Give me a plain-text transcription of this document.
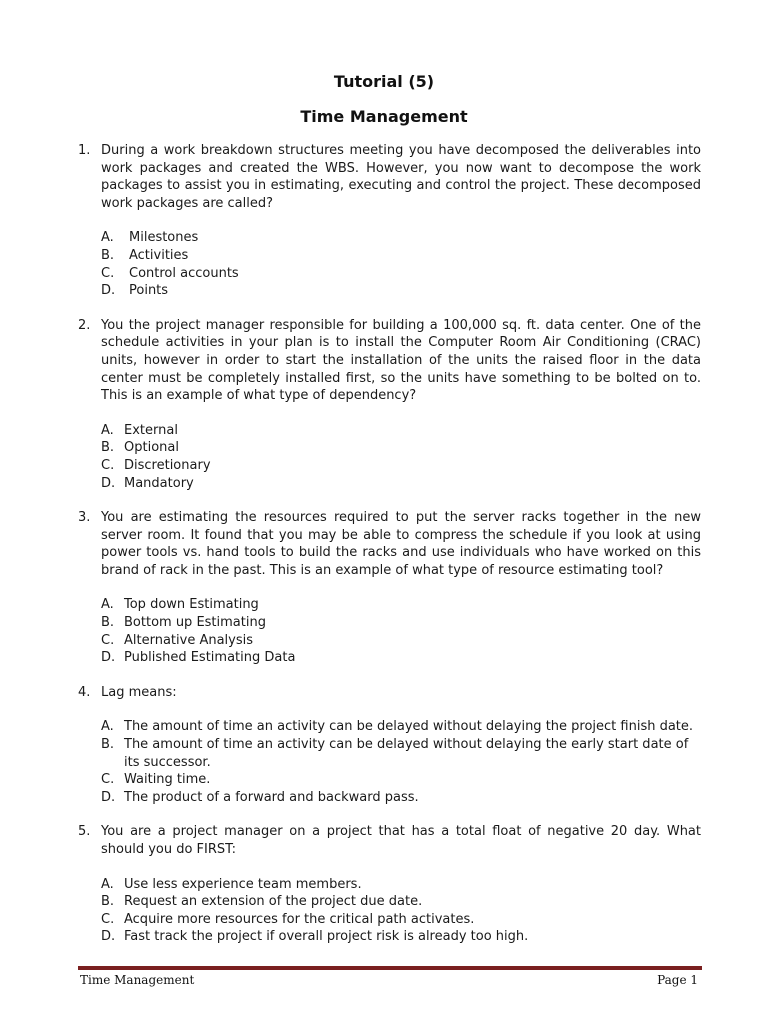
Tutorial (5)
Time Management
1. During a work breakdown structures meeting you have decomposed the deliverables into work packages and created the WBS. However, you now want to decompose the work packages to assist you in estimating, executing and control the project. These decomposed work packages are called?

A.	Milestones
B.	Activities
C.	Control accounts
D.	Points
2. You the project manager responsible for building a 100,000 sq. ft. data center. One of the schedule activities in your plan is to install the Computer Room Air Conditioning (CRAC) units, however in order to start the installation of the units the raised floor in the data center must be completely installed first, so the units have something to be bolted on to. This is an example of what type of dependency?

A. External
B. Optional
C. Discretionary
D. Mandatory
3. You are estimating the resources required to put the server racks together in the new server room. It found that you may be able to compress the schedule if you look at using power tools vs. hand tools to build the racks and use individuals who have worked on this brand of rack in the past. This is an example of what type of resource estimating tool?

A. Top down Estimating
B. Bottom up Estimating
C. Alternative Analysis
D. Published Estimating Data
4. Lag means:

A. The amount of time an activity can be delayed without delaying the project finish date.
B. The amount of time an activity can be delayed without delaying the early start date of its successor.
C. Waiting time.
D. The product of a forward and backward pass.
5. You are a project manager on a project that has a total float of negative 20 day. What should you do FIRST:

A. Use less experience team members.
B. Request an extension of the project due date.
C. Acquire more resources for the critical path activates.
D. Fast track the project if overall project risk is already too high.
Time Management	Page 1
